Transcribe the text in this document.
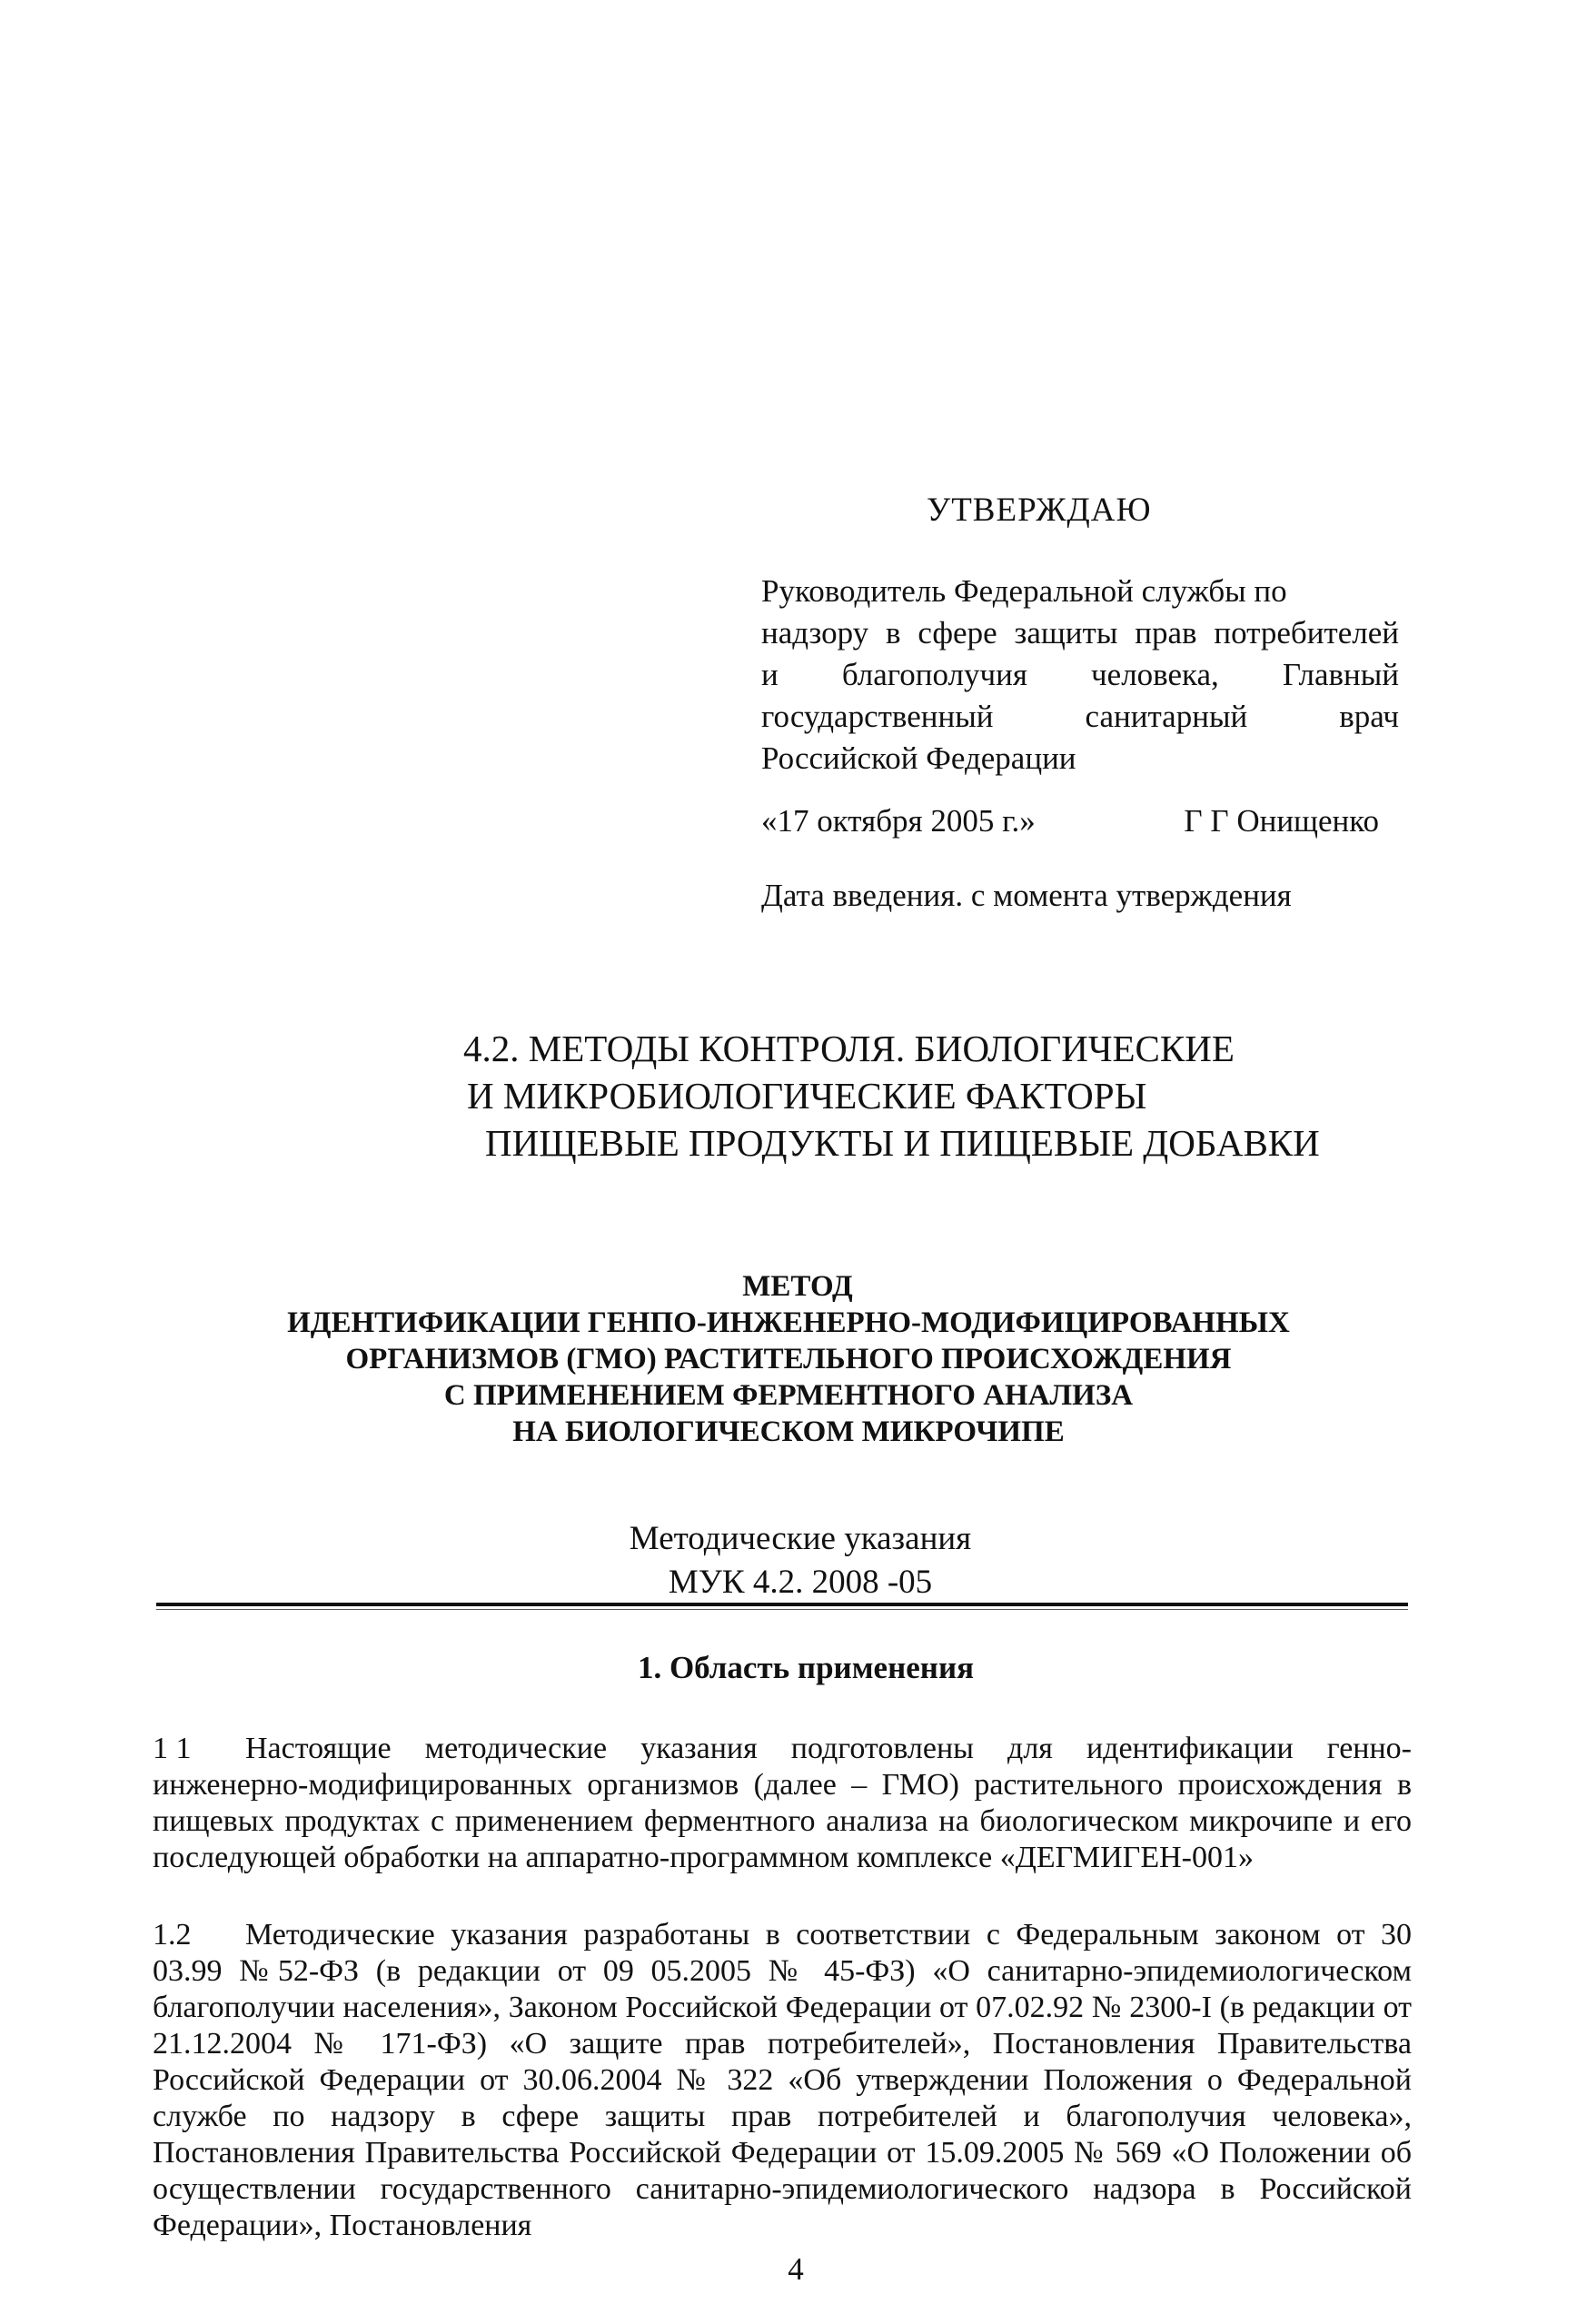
УТВЕРЖДАЮ
Руководитель Федеральной службы по
надзору в сфере защиты прав потребителей
и благополучия человека, Главный
государственный санитарный врач
Российской Федерации
«17 октября 2005 г.»	Г Г Онищенко
Дата введения. с момента утверждения
4.2. МЕТОДЫ КОНТРОЛЯ. БИОЛОГИЧЕСКИЕ
И МИКРОБИОЛОГИЧЕСКИЕ ФАКТОРЫ
ПИЩЕВЫЕ ПРОДУКТЫ И ПИЩЕВЫЕ ДОБАВКИ
МЕТОД
ИДЕНТИФИКАЦИИ ГЕНПО-ИНЖЕНЕРНО-МОДИФИЦИРОВАННЫХ
ОРГАНИЗМОВ (ГМО) РАСТИТЕЛЬНОГО ПРОИСХОЖДЕНИЯ
С ПРИМЕНЕНИЕМ ФЕРМЕНТНОГО АНАЛИЗА
НА БИОЛОГИЧЕСКОМ МИКРОЧИПЕ
Методические указания
МУК 4.2. 2008 -05
1. Область применения
1 1 Настоящие методические указания подготовлены для идентификации генно-инженерно-модифицированных организмов (далее – ГМО) растительного происхождения в пищевых продуктах с применением ферментного анализа на биологическом микрочипе и его последующей обработки на аппаратно-программном комплексе «ДЕГМИГЕН-001»
1.2 Методические указания разработаны в соответствии с Федеральным законом от 30 03.99 №52-ФЗ (в редакции от 09 05.2005 № 45-ФЗ) «О санитарно-эпидемиологическом благополучии населения», Законом Российской Федерации от 07.02.92 № 2300-I (в редакции от 21.12.2004 № 171-ФЗ) «О защите прав потребителей», Постановления Правительства Российской Федерации от 30.06.2004 № 322 «Об утверждении Положения о Федеральной службе по надзору в сфере защиты прав потребителей и благополучия человека», Постановления Правительства Российской Федерации от 15.09.2005 № 569 «О Положении об осуществлении государственного санитарно-эпидемиологического надзора в Российской Федерации», Постановления
4
